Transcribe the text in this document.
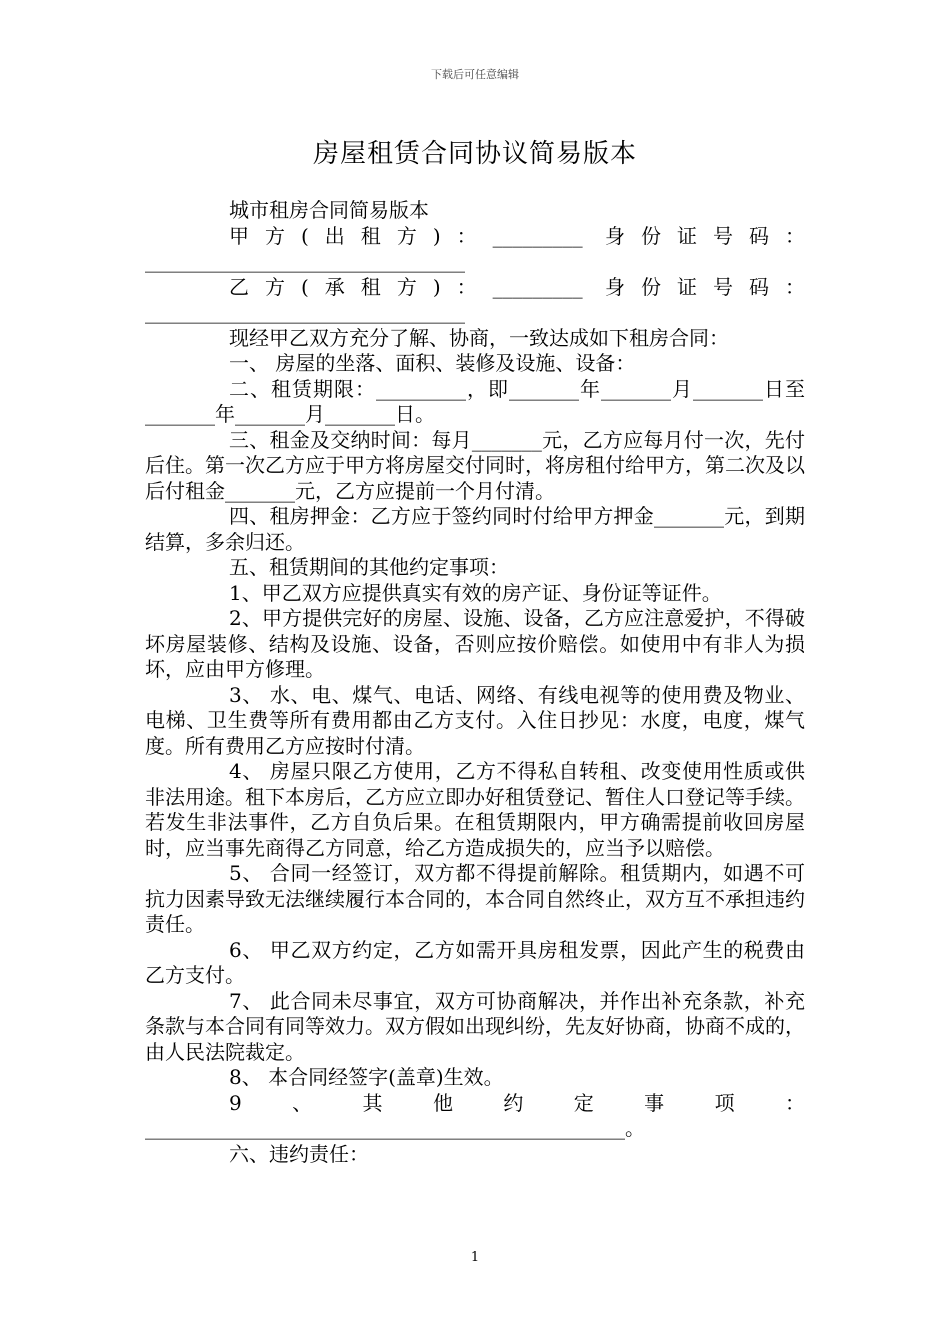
下载后可任意编辑
房屋租赁合同协议简易版本

城市租房合同简易版本

甲方(出租方)：_________ 身份证号码：________________________________

乙方(承租方)：_________ 身份证号码：________________________________

现经甲乙双方充分了解、协商，一致达成如下租房合同：

一、 房屋的坐落、面积、装修及设施、设备：

二、租赁期限：_________，即_______年_______月_______日至_______年_______月_______日。

三、租金及交纳时间：每月_______元，乙方应每月付一次，先付后住。第一次乙方应于甲方将房屋交付同时，将房租付给甲方，第二次及以后付租金_______元，乙方应提前一个月付清。

四、租房押金：乙方应于签约同时付给甲方押金_______元，到期结算，多余归还。

五、租赁期间的其他约定事项：

1、甲乙双方应提供真实有效的房产证、身份证等证件。

2、甲方提供完好的房屋、设施、设备，乙方应注意爱护，不得破坏房屋装修、结构及设施、设备，否则应按价赔偿。如使用中有非人为损坏，应由甲方修理。

3、 水、电、煤气、电话、网络、有线电视等的使用费及物业、电梯、卫生费等所有费用都由乙方支付。入住日抄见：水度，电度，煤气度。所有费用乙方应按时付清。

4、 房屋只限乙方使用，乙方不得私自转租、改变使用性质或供非法用途。租下本房后，乙方应立即办好租赁登记、暂住人口登记等手续。若发生非法事件，乙方自负后果。在租赁期限内，甲方确需提前收回房屋时，应当事先商得乙方同意，给乙方造成损失的，应当予以赔偿。

5、 合同一经签订，双方都不得提前解除。租赁期内，如遇不可抗力因素导致无法继续履行本合同的，本合同自然终止，双方互不承担违约责任。

6、 甲乙双方约定，乙方如需开具房租发票，因此产生的税费由乙方支付。

7、 此合同未尽事宜，双方可协商解决，并作出补充条款，补充条款与本合同有同等效力。双方假如出现纠纷，先友好协商，协商不成的，由人民法院裁定。

8、 本合同经签字(盖章)生效。

9、其他约定事项：________________________________________________。

六、违约责任：

1
